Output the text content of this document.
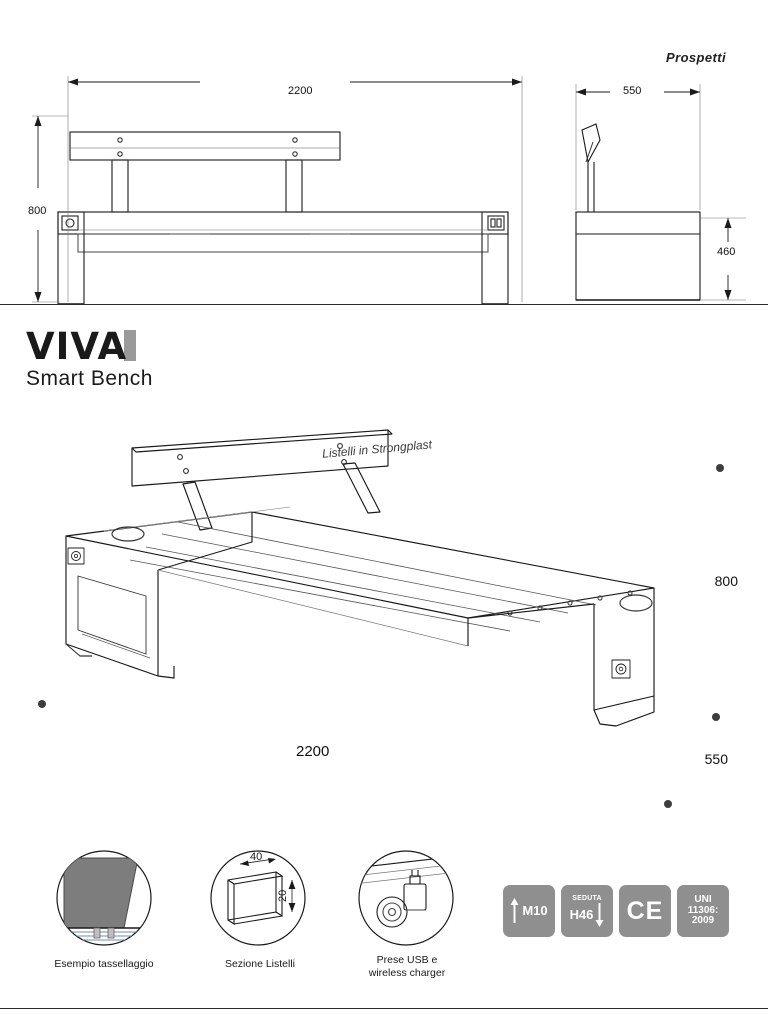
Prospetti
2200
800
550
460
VIVA
Smart Bench
Listelli in Strongplast
800
2200	550
Esempio tassellaggio
40
20
Sezione Listelli	Prese USB e
wireless charger
M10
SEDUTA
H46 CE	UNI
11306:
2009
